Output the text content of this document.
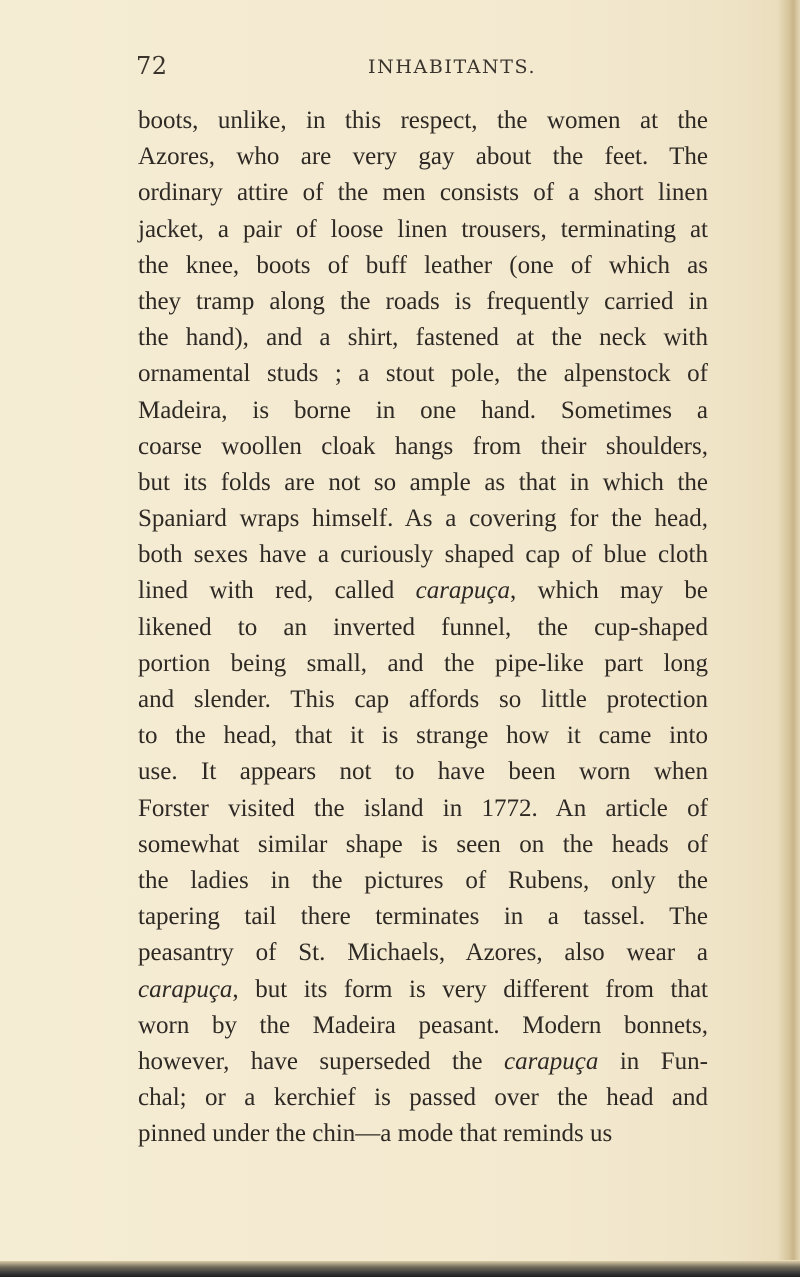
72	INHABITANTS.
boots, unlike, in this respect, the women at the
Azores, who are very gay about the feet. The
ordinary attire of the men consists of a short linen
jacket, a pair of loose linen trousers, terminating at
the knee, boots of buff leather (one of which as
they tramp along the roads is frequently carried in
the hand), and a shirt, fastened at the neck with
ornamental studs ; a stout pole, the alpenstock of
Madeira, is borne in one hand. Sometimes a
coarse woollen cloak hangs from their shoulders,
but its folds are not so ample as that in which the
Spaniard wraps himself. As a covering for the head,
both sexes have a curiously shaped cap of blue cloth
lined with red, called carapuça, which may be
likened to an inverted funnel, the cup-shaped
portion being small, and the pipe-like part long
and slender. This cap affords so little protection
to the head, that it is strange how it came into
use. It appears not to have been worn when
Forster visited the island in 1772. An article of
somewhat similar shape is seen on the heads of
the ladies in the pictures of Rubens, only the
tapering tail there terminates in a tassel. The
peasantry of St. Michaels, Azores, also wear a
carapuça, but its form is very different from that
worn by the Madeira peasant. Modern bonnets,
however, have superseded the carapuça in Fun-
chal; or a kerchief is passed over the head and
pinned under the chin—a mode that reminds us
